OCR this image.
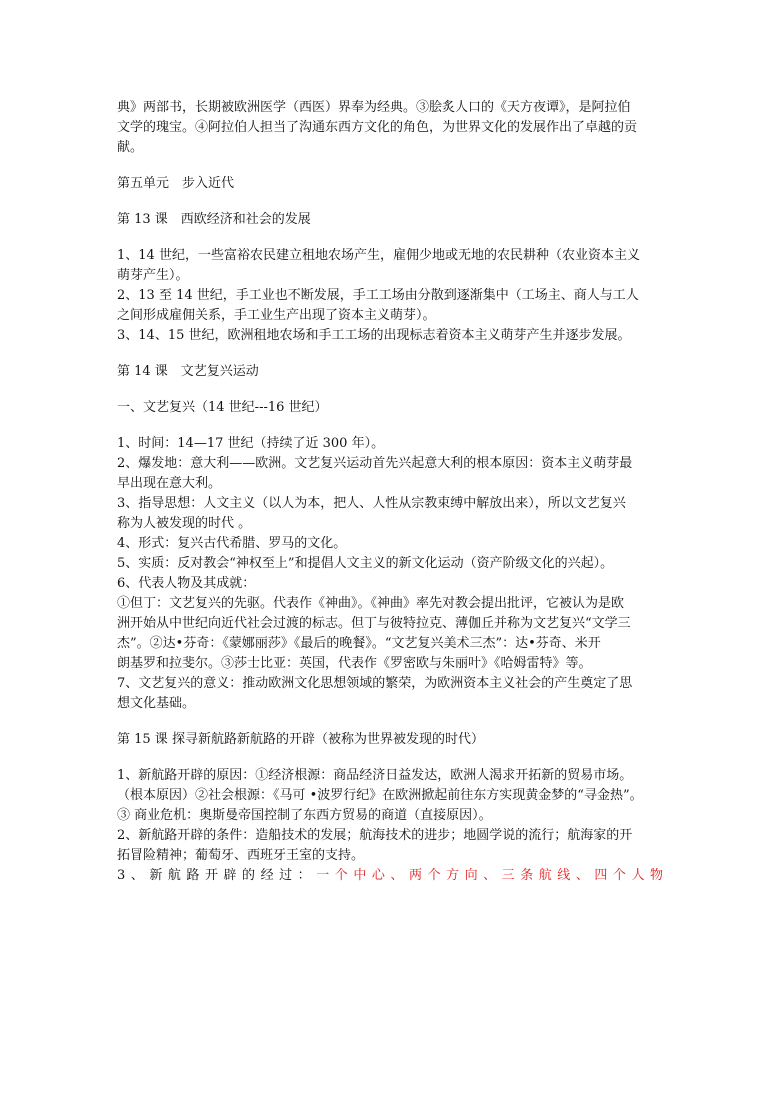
典》两部书，长期被欧洲医学（西医）界奉为经典。③脍炙人口的《天方夜谭》，是阿拉伯

文学的瑰宝。④阿拉伯人担当了沟通东西方文化的角色，为世界文化的发展作出了卓越的贡

献。

第五单元　步入近代

第 13 课　西欧经济和社会的发展

1、14 世纪，一些富裕农民建立租地农场产生，雇佣少地或无地的农民耕种（农业资本主义

萌芽产生）。

2、13 至 14 世纪，手工业也不断发展，手工工场由分散到逐渐集中（工场主、商人与工人

之间形成雇佣关系，手工业生产出现了资本主义萌芽）。

3、14、15 世纪，欧洲租地农场和手工工场的出现标志着资本主义萌芽产生并逐步发展。

第 14 课　文艺复兴运动

一、文艺复兴（14 世纪---16 世纪）

1、时间：14—17 世纪（持续了近 300 年）。

2、爆发地：意大利——欧洲。文艺复兴运动首先兴起意大利的根本原因：资本主义萌芽最

早出现在意大利。

3、指导思想：人文主义（以人为本，把人、人性从宗教束缚中解放出来），所以文艺复兴

称为人被发现的时代 。

4、形式：复兴古代希腊、罗马的文化。

5、实质：反对教会“神权至上”和提倡人文主义的新文化运动（资产阶级文化的兴起）。

6、代表人物及其成就：

①但丁：文艺复兴的先驱。代表作《神曲》。《神曲》率先对教会提出批评，它被认为是欧

洲开始从中世纪向近代社会过渡的标志。但丁与彼特拉克、薄伽丘并称为文艺复兴“文学三

杰”。②达•芬奇：《蒙娜丽莎》《最后的晚餐》。“文艺复兴美术三杰”：达•芬奇、米开

朗基罗和拉斐尔。③莎士比亚：英国，代表作《罗密欧与朱丽叶》《哈姆雷特》等。

7、文艺复兴的意义：推动欧洲文化思想领域的繁荣，为欧洲资本主义社会的产生奠定了思

想文化基础。

第 15 课 探寻新航路新航路的开辟（被称为世界被发现的时代）

1、新航路开辟的原因：①经济根源：商品经济日益发达，欧洲人渴求开拓新的贸易市场。

（根本原因）②社会根源：《马可 •波罗行纪》在欧洲掀起前往东方实现黄金梦的“寻金热”。

③ 商业危机：奥斯曼帝国控制了东西方贸易的商道（直接原因）。

2、新航路开辟的条件：造船技术的发展；航海技术的进步；地圆学说的流行；航海家的开

拓冒险精神；葡萄牙、西班牙王室的支持。

3、新航路开辟的经过：一个中心、两个方向、三条航线、四个人物
